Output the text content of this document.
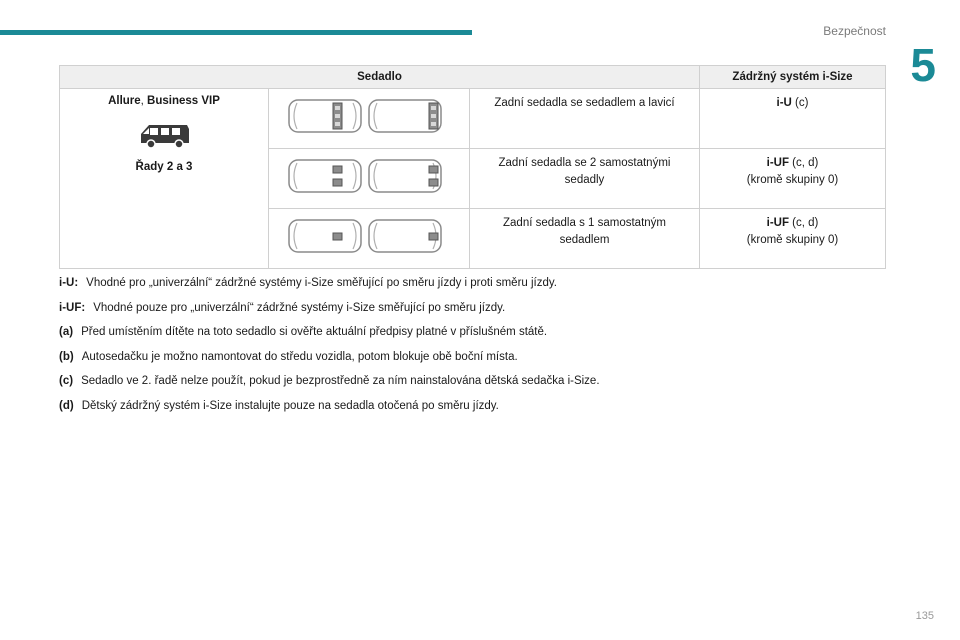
Bezpečnost
5
Sedadlo			Zádržný systém i-Size

Allure, Business VIP
Řady 2 a 3		Zadní sedadla se sedadlem a lavicí	i-U (c)

	Zadní sedadla se 2 samostatnými sedadly	i-UF (c, d)
(kromě skupiny 0)

	Zadní sedadla s 1 samostatným sedadlem	i-UF (c, d)
(kromě skupiny 0)

i-U: Vhodné pro „univerzální“ zádržné systémy i-Size směřující po směru jízdy i proti směru jízdy.

i-UF: Vhodné pouze pro „univerzální“ zádržné systémy i-Size směřující po směru jízdy.

(a) Před umístěním dítěte na toto sedadlo si ověřte aktuální předpisy platné v příslušném státě.

(b) Autosedačku je možno namontovat do středu vozidla, potom blokuje obě boční místa.

(c) Sedadlo ve 2. řadě nelze použít, pokud je bezprostředně za ním nainstalována dětská sedačka i-Size.

(d) Dětský zádržný systém i-Size instalujte pouze na sedadla otočená po směru jízdy.

135
